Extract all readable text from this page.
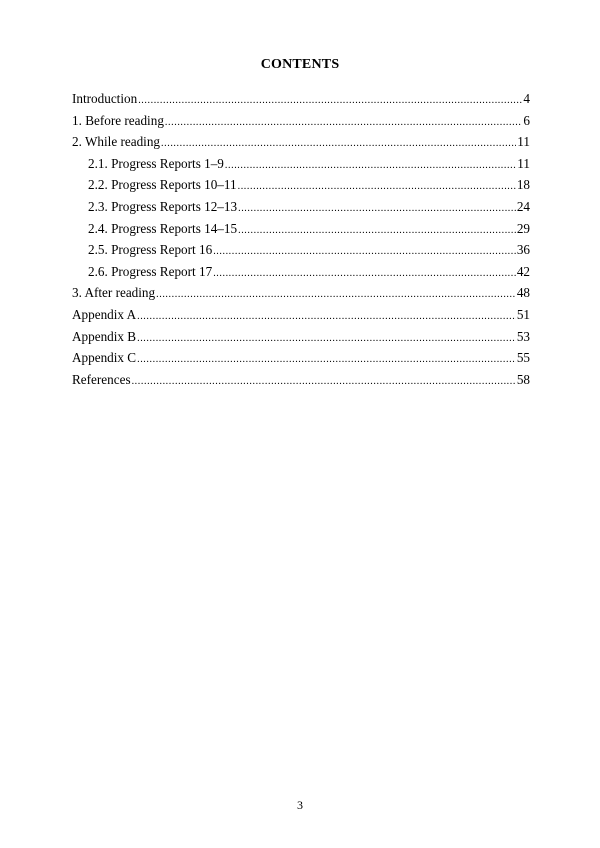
CONTENTS
Introduction .....	4
1. Before reading .....	6
2. While reading .....	11
2.1. Progress Reports 1–9 .....	11
2.2. Progress Reports 10–11 .....	18
2.3. Progress Reports 12–13 .....	24
2.4. Progress Reports 14–15 .....	29
2.5. Progress Report 16 .....	36
2.6. Progress Report 17 .....	42
3. After reading .....	48
Appendix A .....	51
Appendix B .....	53
Appendix C .....	55
References .....	58
3
